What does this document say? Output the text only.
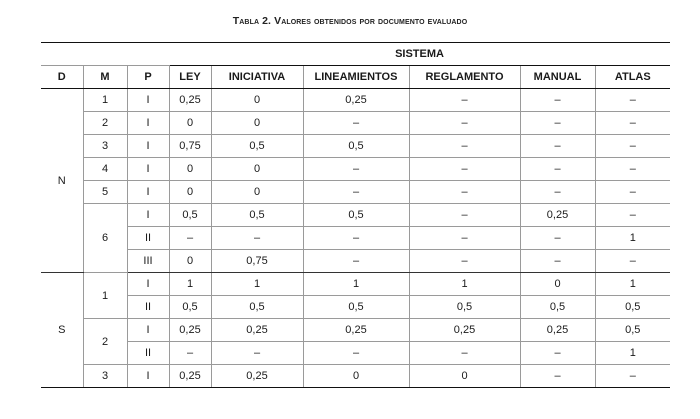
Tabla 2. Valores obtenidos por documento evaluado
			SISTEMA					
D	M	P	LEY	INICIATIVA	LINEAMIENTOS	REGLAMENTO	MANUAL	ATLAS
N	1	I	0,25	0	0,25	–	–	–
	2	I	0	0	–	–	–	–
	3	I	0,75	0,5	0,5	–	–	–
	4	I	0	0	–	–	–	–
	5	I	0	0	–	–	–	–
	6	I	0,5	0,5	0,5	–	0,25	–
		II	–	–	–	–	–	1
		III	0	0,75	–	–	–	–
S	1	I	1	1	1	1	0	1
		II	0,5	0,5	0,5	0,5	0,5	0,5
	2	I	0,25	0,25	0,25	0,25	0,25	0,5
		II	–	–	–	–	–	1
	3	I	0,25	0,25	0	0	–	–
